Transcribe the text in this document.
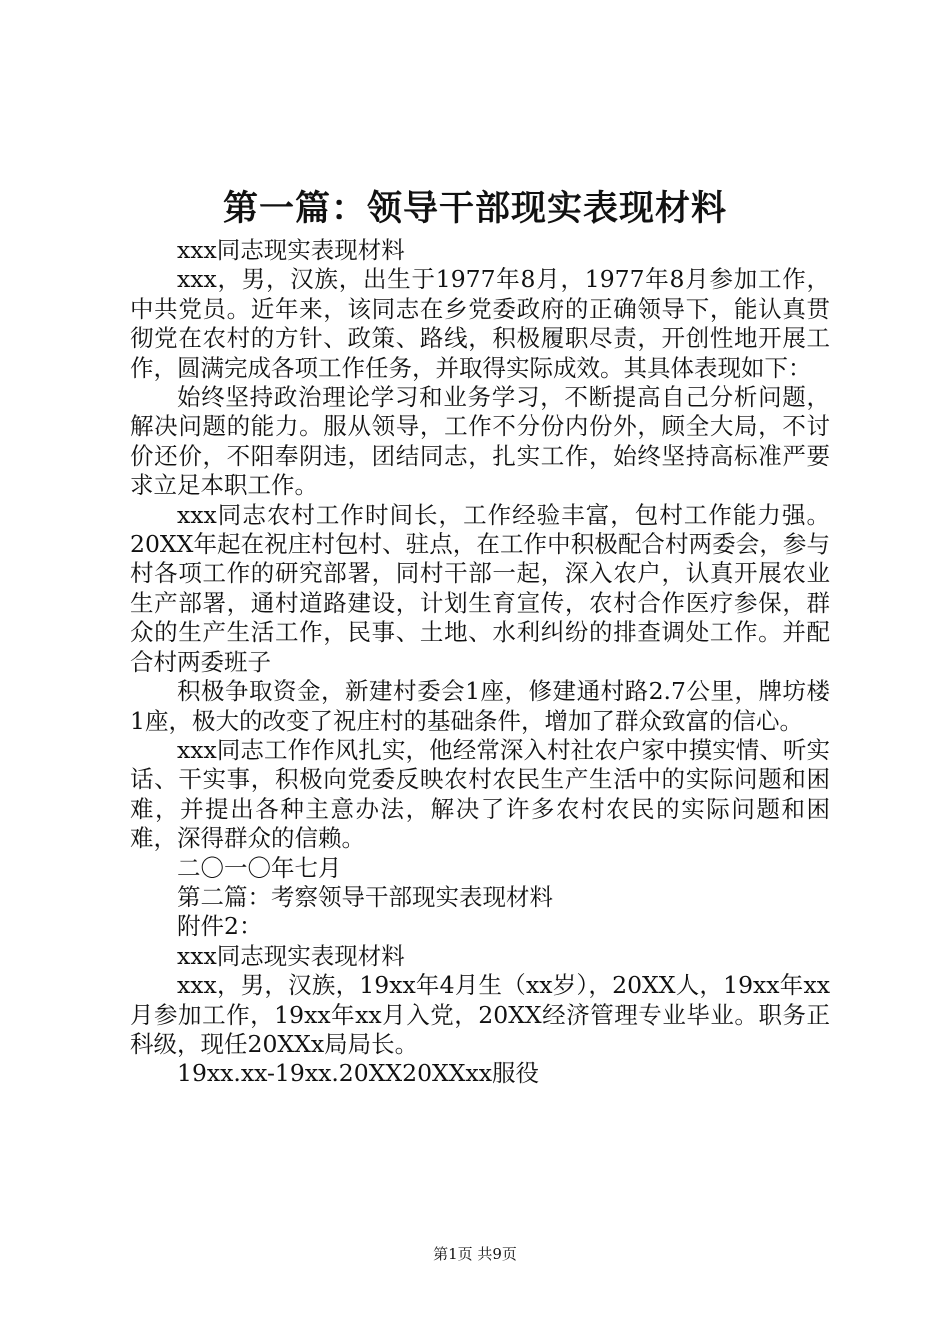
第一篇：领导干部现实表现材料

xxx同志现实表现材料

xxx，男，汉族，出生于1977年8月，1977年8月参加工作，中共党员。近年来，该同志在乡党委政府的正确领导下，能认真贯彻党在农村的方针、政策、路线，积极履职尽责，开创性地开展工作，圆满完成各项工作任务，并取得实际成效。其具体表现如下：

始终坚持政治理论学习和业务学习，不断提高自己分析问题，解决问题的能力。服从领导，工作不分份内份外，顾全大局，不讨价还价，不阳奉阴违，团结同志，扎实工作，始终坚持高标准严要求立足本职工作。

xxx同志农村工作时间长，工作经验丰富，包村工作能力强。20XX年起在祝庄村包村、驻点，在工作中积极配合村两委会，参与村各项工作的研究部署，同村干部一起，深入农户，认真开展农业生产部署，通村道路建设，计划生育宣传，农村合作医疗参保，群众的生产生活工作，民事、土地、水利纠纷的排查调处工作。并配合村两委班子

积极争取资金，新建村委会1座，修建通村路2.7公里，牌坊楼1座，极大的改变了祝庄村的基础条件，增加了群众致富的信心。

xxx同志工作作风扎实，他经常深入村社农户家中摸实情、听实话、干实事，积极向党委反映农村农民生产生活中的实际问题和困难，并提出各种主意办法，解决了许多农村农民的实际问题和困难，深得群众的信赖。

二〇一〇年七月

第二篇：考察领导干部现实表现材料

附件2：

xxx同志现实表现材料

xxx，男，汉族，19xx年4月生（xx岁），20XX人，19xx年xx月参加工作，19xx年xx月入党，20XX经济管理专业毕业。职务正科级，现任20XXx局局长。

19xx.xx-19xx.20XX20XXxx服役

第1页 共9页
